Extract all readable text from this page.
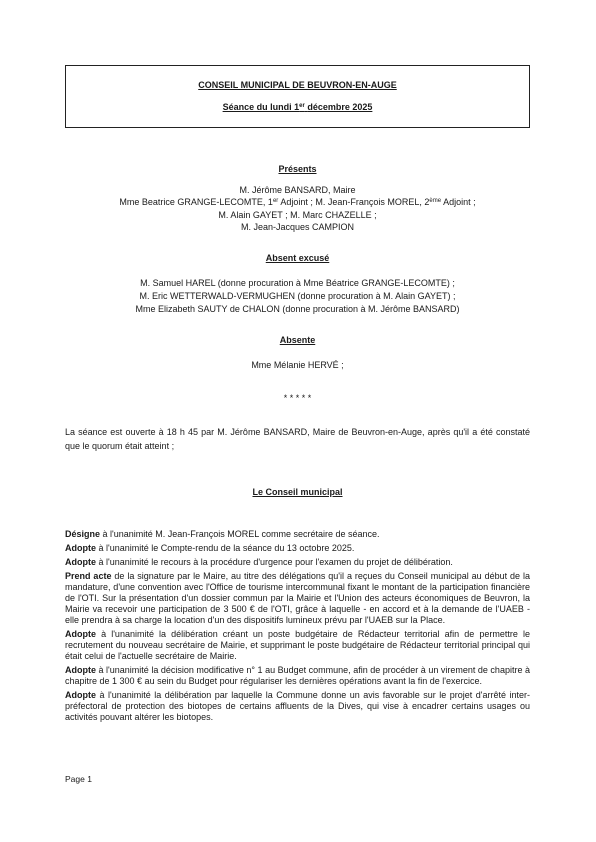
CONSEIL MUNICIPAL DE BEUVRON-EN-AUGE
Séance du lundi 1er décembre 2025
Présents
M. Jérôme BANSARD, Maire
Mme Beatrice GRANGE-LECOMTE, 1er Adjoint ; M. Jean-François MOREL, 2ème Adjoint ;
M. Alain GAYET ; M. Marc CHAZELLE ;
M. Jean-Jacques CAMPION
Absent excusé
M. Samuel HAREL (donne procuration à Mme Béatrice GRANGE-LECOMTE) ;
M. Eric WETTERWALD-VERMUGHEN (donne procuration à M. Alain GAYET) ;
Mme Elizabeth SAUTY de CHALON (donne procuration à M. Jérôme BANSARD)
Absente
Mme Mélanie HERVÉ ;
* * * * *
La séance est ouverte à 18 h 45 par M. Jérôme BANSARD, Maire de Beuvron-en-Auge, après qu'il a été constaté que le quorum était atteint ;
Le Conseil municipal

Désigne à l'unanimité M. Jean-François MOREL comme secrétaire de séance.

Adopte à l'unanimité le Compte-rendu de la séance du 13 octobre 2025.

Adopte à l'unanimité le recours à la procédure d'urgence pour l'examen du projet de délibération.

Prend acte de la signature par le Maire, au titre des délégations qu'il a reçues du Conseil municipal au début de la mandature, d'une convention avec l'Office de tourisme intercommunal fixant le montant de la participation financière de l'OTI. Sur la présentation d'un dossier commun par la Mairie et l'Union des acteurs économiques de Beuvron, la Mairie va recevoir une participation de 3 500 € de l'OTI, grâce à laquelle - en accord et à la demande de l'UAEB - elle prendra à sa charge la location d'un des dispositifs lumineux prévu par l'UAEB sur la Place.

Adopte à l'unanimité la délibération créant un poste budgétaire de Rédacteur territorial afin de permettre le recrutement du nouveau secrétaire de Mairie, et supprimant le poste budgétaire de Rédacteur territorial principal qui était celui de l'actuelle secrétaire de Mairie.

Adopte à l'unanimité la décision modificative n° 1 au Budget commune, afin de procéder à un virement de chapitre à chapitre de 1 300 € au sein du Budget pour régulariser les dernières opérations avant la fin de l'exercice.

Adopte à l'unanimité la délibération par laquelle la Commune donne un avis favorable sur le projet d'arrêté inter-préfectoral de protection des biotopes de certains affluents de la Dives, qui vise à encadrer certains usages ou activités pouvant altérer les biotopes.

Page 1
